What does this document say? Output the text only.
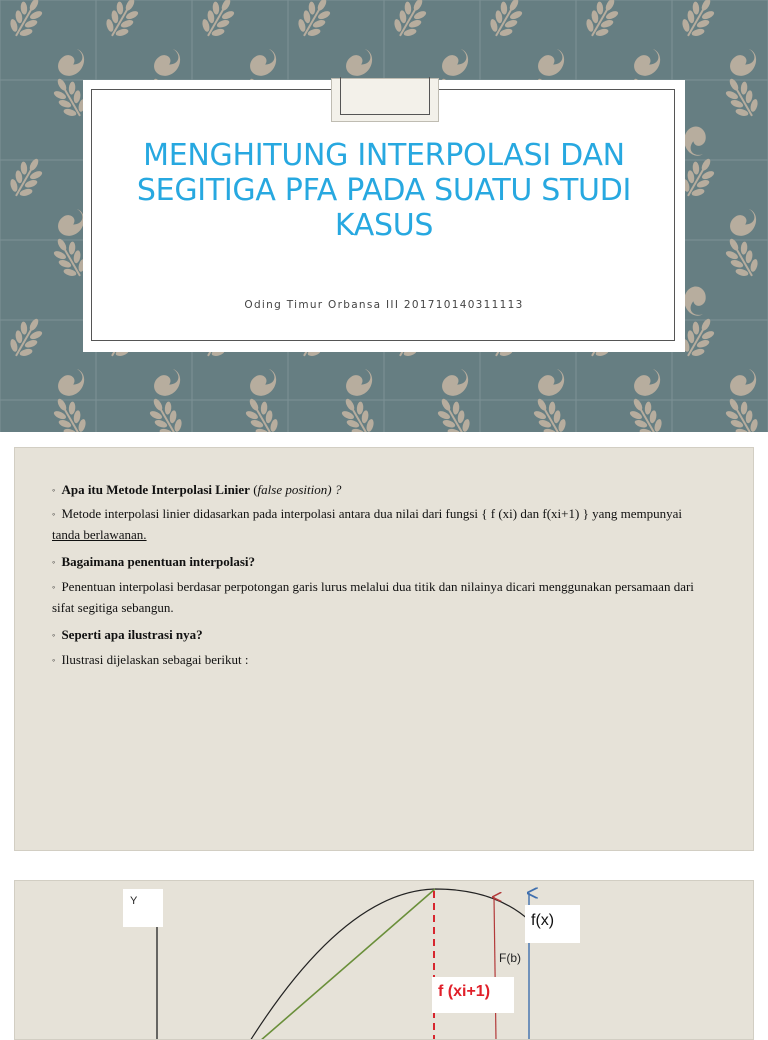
MENGHITUNG INTERPOLASI DAN
SEGITIGA PFA PADA SUATU STUDI
KASUS
Oding Timur Orbansa III 201710140311113

◦ Apa itu Metode Interpolasi Linier (false position) ?

◦ Metode interpolasi linier didasarkan pada interpolasi antara dua nilai dari fungsi { f (xi) dan f(xi+1) } yang mempunyai tanda berlawanan.

◦ Bagaimana penentuan interpolasi?

◦ Penentuan interpolasi berdasar perpotongan garis lurus melalui dua titik dan nilainya dicari menggunakan persamaan dari sifat segitiga sebangun.

◦ Seperti apa ilustrasi nya?

◦ Ilustrasi dijelaskan sebagai berikut :

Y
f(x)
F(b)
f (xi+1)
